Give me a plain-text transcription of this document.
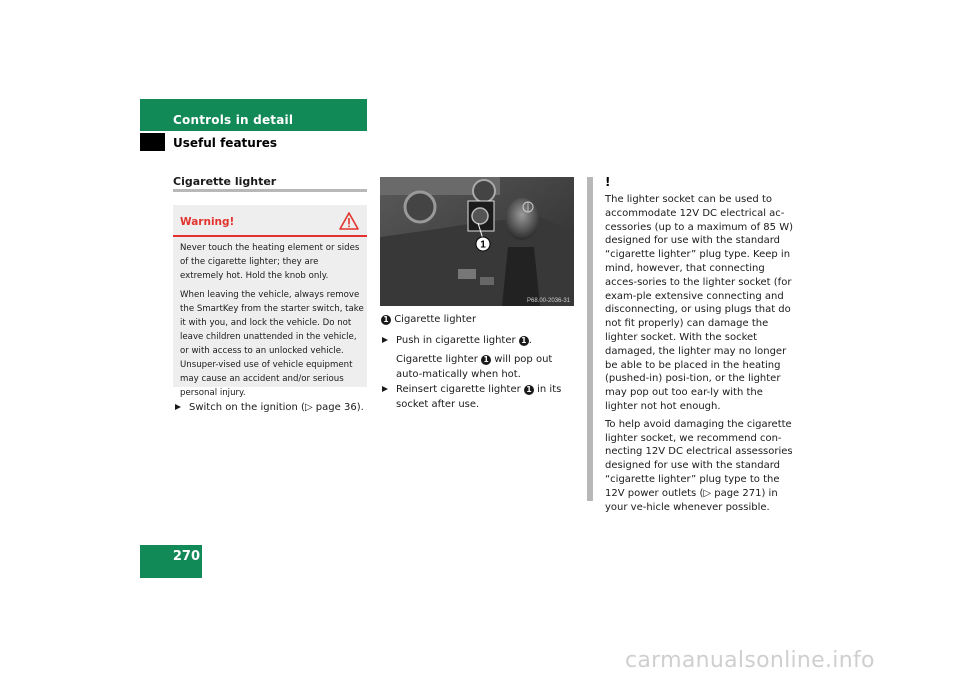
Controls in detail
Useful features
Cigarette lighter
Warning!

Never touch the heating element or sides of the cigarette lighter; they are extremely hot. Hold the knob only.

When leaving the vehicle, always remove the SmartKey from the starter switch, take it with you, and lock the vehicle. Do not leave children unattended in the vehicle, or with access to an unlocked vehicle. Unsuper-vised use of vehicle equipment may cause an accident and/or serious personal injury.

Switch on the ignition (▷ page 36).
1
P68.00-2036-31
1 Cigarette lighter
Push in cigarette lighter 1 .
Cigarette lighter 1 will pop out auto-matically when hot.
Reinsert cigarette lighter 1 in its socket after use.
!

The lighter socket can be used to accommodate 12V DC electrical ac-cessories (up to a maximum of 85 W) designed for use with the standard “cigarette lighter” plug type. Keep in mind, however, that connecting acces-sories to the lighter socket (for exam-ple extensive connecting and disconnecting, or using plugs that do not fit properly) can damage the lighter socket. With the socket damaged, the lighter may no longer be able to be placed in the heating (pushed-in) posi-tion, or the lighter may pop out too ear-ly with the lighter not hot enough.

To help avoid damaging the cigarette lighter socket, we recommend con-necting 12V DC electrical assessories designed for use with the standard “cigarette lighter” plug type to the 12V power outlets (▷ page 271) in your ve-hicle whenever possible.

270
carmanualsonline.info
